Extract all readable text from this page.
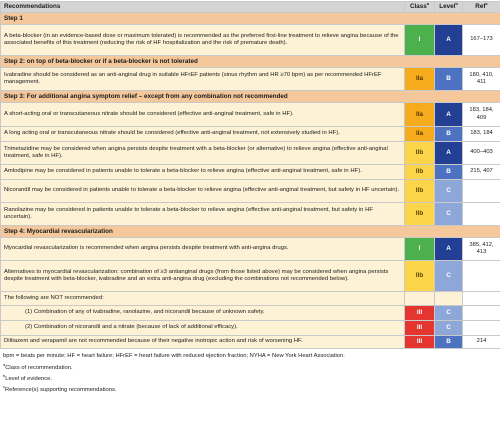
Recommendations	Class$^a$	Level$^b$	Ref$^c$
Step 1			
A beta-blocker (in an evidence-based dose or maximum tolerated) is recommended as the preferred first-line treatment to relieve angina because of the associated benefits of this treatment (reducing the risk of HF hospitalization and the risk of premature death).	I	A	167–173
Step 2: on top of beta-blocker or if a beta-blocker is not tolerated			
Ivabradine should be considered as an anti-anginal drug in suitable HFrEF patients (sinus rhythm and HR ≥70 bpm) as per recommended HFrEF management.	IIa	B	180, 410, 411
Step 3: For additional angina symptom relief – except from any combination not recommended			
A short-acting oral or transcutaneous nitrate should be considered (effective anti-anginal treatment, safe in HF).	IIa	A	183, 184, 409
A long acting oral or transcutaneous nitrate should be considered (effective anti-anginal treatment, not extensively studied in HF).	IIa	B	183, 184
Trimetazidine may be considered when angina persists despite treatment with a beta-blocker (or alternative) to relieve angina (effective anti-anginal treatment, safe in HF).	IIb	A	400–403
Amlodipine may be considered in patients unable to tolerate a beta-blocker to relieve angina (effective anti-anginal treatment, safe in HF).	IIb	B	215, 407
Nicorandil may be considered in patients unable to tolerate a beta-blocker to relieve angina (effective anti-anginal treatment, but safety in HF uncertain).	IIb	C	
Ranolazine may be considered in patients unable to tolerate a beta-blocker to relieve angina (effective anti-anginal treatment, but safety in HF uncertain).	IIb	C	
Step 4: Myocardial revascularization			
Myocardial revascularization is recommended when angina persists despite treatment with anti-angina drugs.	I	A	385, 412, 413
Alternatives to myocardial revascularization: combination of ≥3 antianginal drugs (from those listed above) may be considered when angina persists despite treatment with beta-blocker, ivabradine and an extra anti-angina drug (excluding the combinations not recommended below).	IIb	C	
The following are NOT recommended:			
(1) Combination of any of ivabradine, ranolazine, and nicorandil because of unknown safety.	III	C	
(2) Combination of nicorandil and a nitrate (because of lack of additional efficacy).	III	C	
Diltiazem and verapamil are not recommended because of their negative inotropic action and risk of worsening HF.	III	B	214
bpm = beats per minute; HF = heart failure; HFrEF = heart failure with reduced ejection fraction; NYHA = New York Heart Association.
$^a$Class of recommendation.
$^b$Level of evidence.
$^c$Reference(s) supporting recommendations.
